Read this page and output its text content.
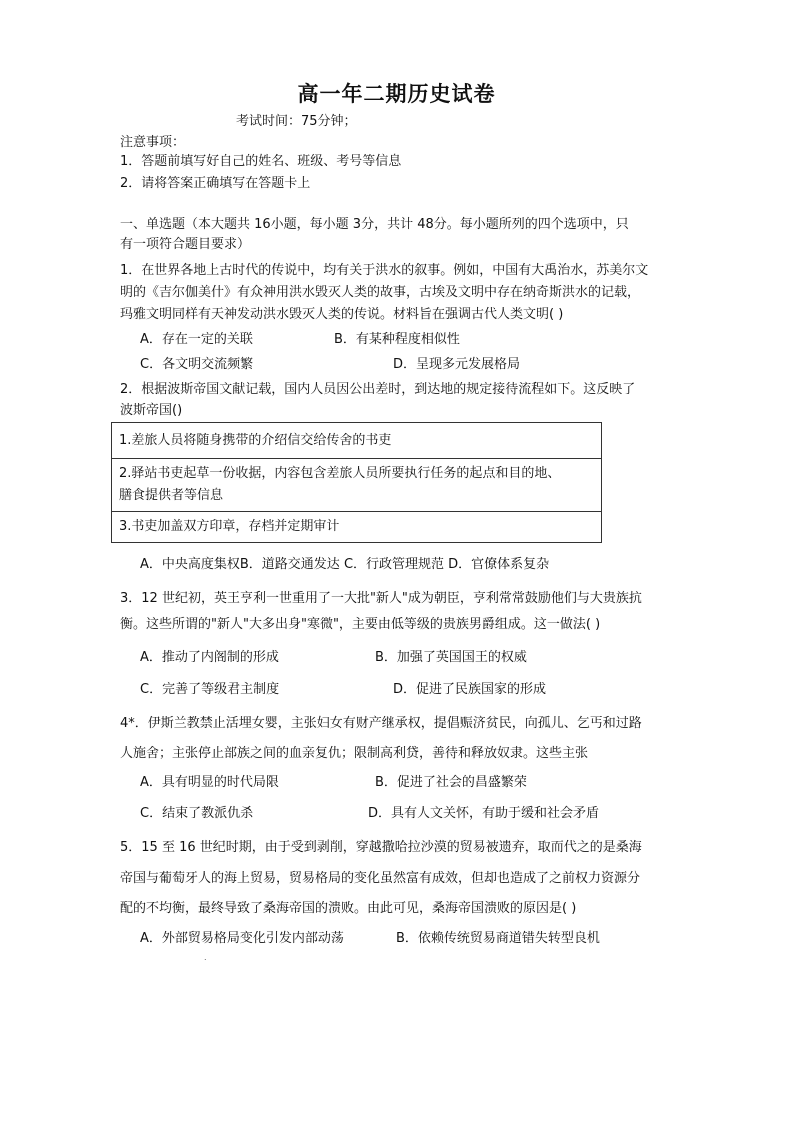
高一年二期历史试卷
考试时间：75分钟；
注意事项：
1．答题前填写好自己的姓名、班级、考号等信息
2．请将答案正确填写在答题卡上
一、单选题（本大题共 16小题，每小题 3分，共计 48分。每小题所列的四个选项中，只
有一项符合题目要求）
1．在世界各地上古时代的传说中，均有关于洪水的叙事。例如，中国有大禹治水，苏美尔文
明的《吉尔伽美什》有众神用洪水毁灭人类的故事，古埃及文明中存在纳奇斯洪水的记载，
玛雅文明同样有天神发动洪水毁灭人类的传说。材料旨在强调古代人类文明( )
A．存在一定的关联	B．有某种程度相似性
C．各文明交流频繁	D．呈现多元发展格局
2．根据波斯帝国文献记载，国内人员因公出差时，到达地的规定接待流程如下。这反映了
波斯帝国()
1.差旅人员将随身携带的介绍信交给传舍的书吏
2.驿站书吏起草一份收据，内容包含差旅人员所要执行任务的起点和目的地、
膳食提供者等信息
3.书吏加盖双方印章，存档并定期审计
A．中央高度集权B．道路交通发达 C．行政管理规范 D．官僚体系复杂
3．12 世纪初，英王亨利一世重用了一大批"新人"成为朝臣，亨利常常鼓励他们与大贵族抗
衡。这些所谓的"新人"大多出身"寒微"，主要由低等级的贵族男爵组成。这一做法( )
A．推动了内阁制的形成	B．加强了英国国王的权威
C．完善了等级君主制度	D．促进了民族国家的形成
4*．伊斯兰教禁止活埋女婴，主张妇女有财产继承权，提倡赈济贫民，向孤儿、乞丐和过路
人施舍；主张停止部族之间的血亲复仇；限制高利贷，善待和释放奴隶。这些主张
A．具有明显的时代局限	B．促进了社会的昌盛繁荣
C．结束了教派仇杀	D．具有人文关怀，有助于缓和社会矛盾
5．15 至 16 世纪时期，由于受到剥削，穿越撒哈拉沙漠的贸易被遗弃，取而代之的是桑海
帝国与葡萄牙人的海上贸易，贸易格局的变化虽然富有成效，但却也造成了之前权力资源分
配的不均衡，最终导致了桑海帝国的溃败。由此可见，桑海帝国溃败的原因是( )
A．外部贸易格局变化引发内部动荡	B．依赖传统贸易商道错失转型良机
.
